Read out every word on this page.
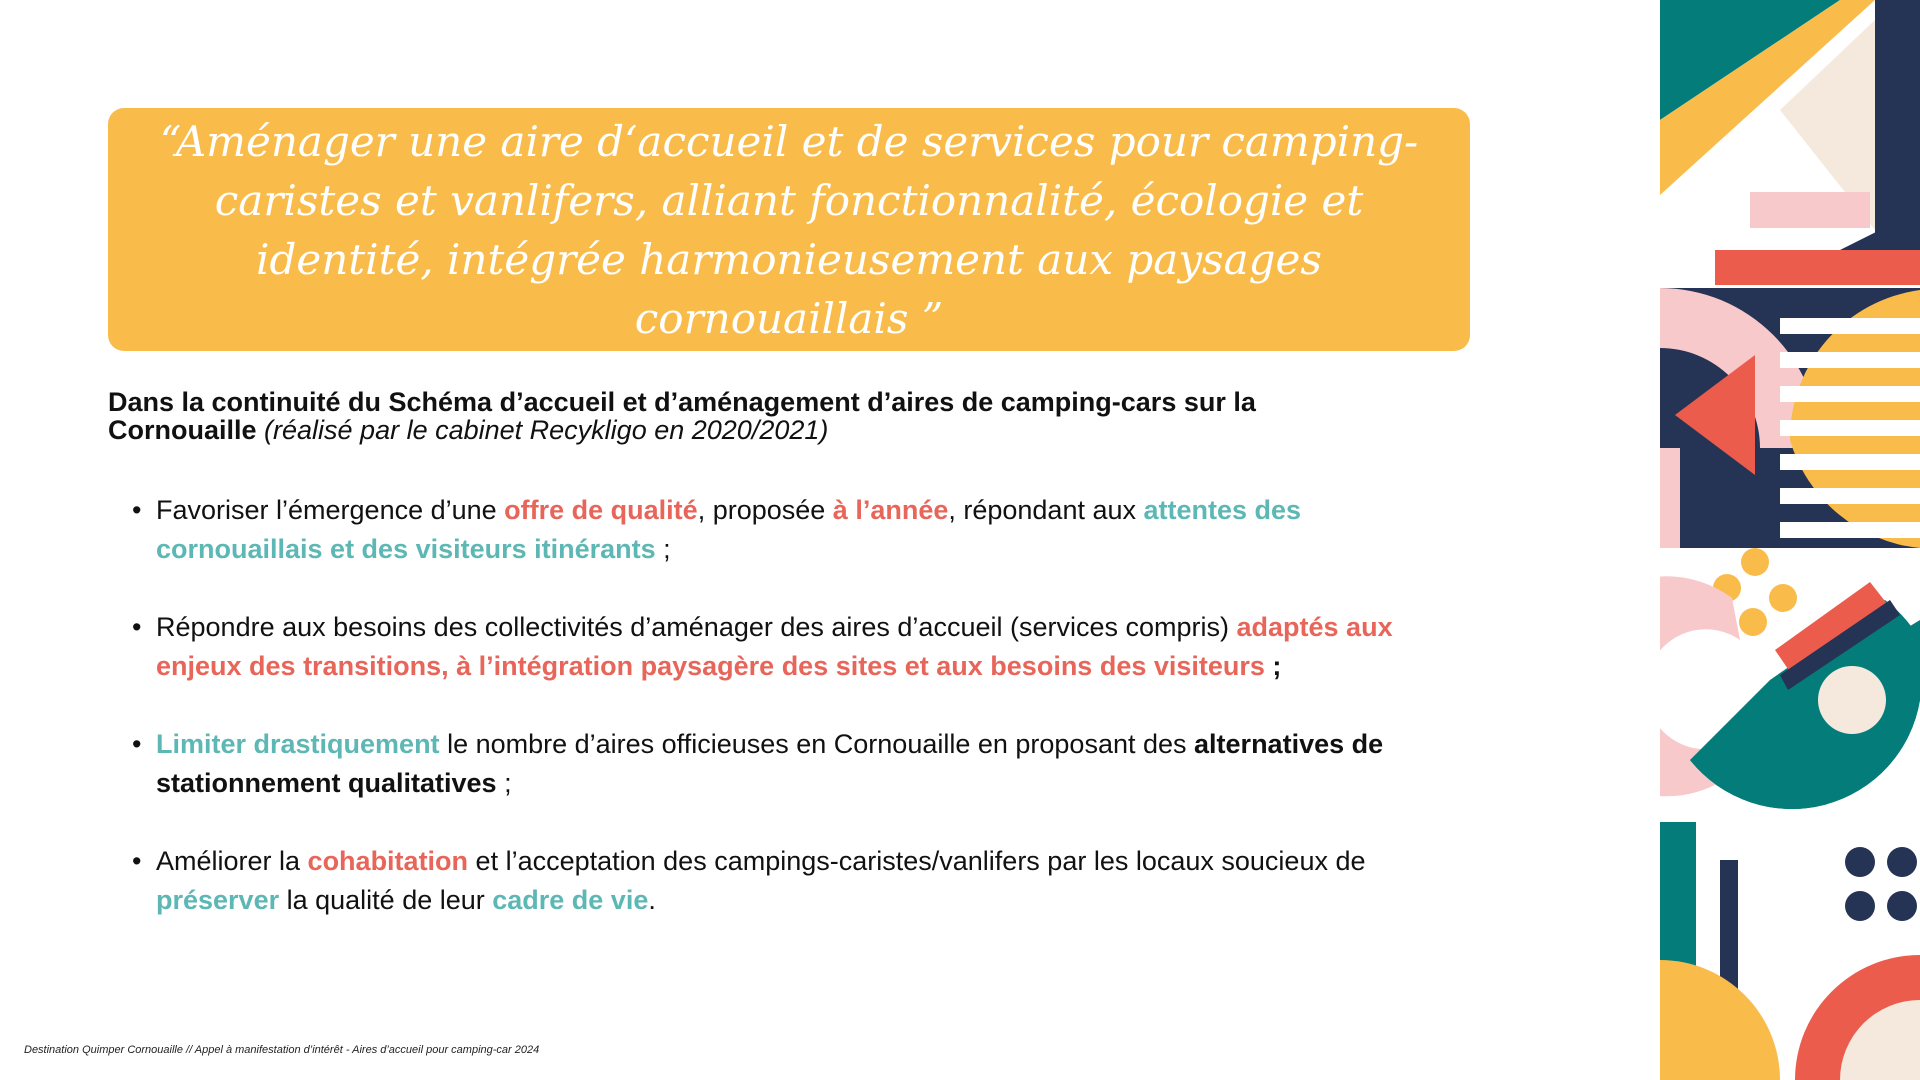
“Aménager une aire d‘accueil et de services pour camping-caristes et vanlifers, alliant fonctionnalité, écologie et identité, intégrée harmonieusement aux paysages cornouaillais ”

Dans la continuité du Schéma d’accueil et d’aménagement d’aires de camping-cars sur la Cornouaille (réalisé par le cabinet Recykligo en 2020/2021)

• Favoriser l’émergence d’une offre de qualité, proposée à l’année, répondant aux attentes des cornouaillais et des visiteurs itinérants ;
• Répondre aux besoins des collectivités d’aménager des aires d’accueil (services compris) adaptés aux enjeux des transitions, à l’intégration paysagère des sites et aux besoins des visiteurs ;
• Limiter drastiquement le nombre d’aires officieuses en Cornouaille en proposant des alternatives de stationnement qualitatives ;
• Améliorer la cohabitation et l’acceptation des campings-caristes/vanlifers par les locaux soucieux de préserver la qualité de leur cadre de vie.

Destination Quimper Cornouaille // Appel à manifestation d’intérêt - Aires d’accueil pour camping-car 2024
